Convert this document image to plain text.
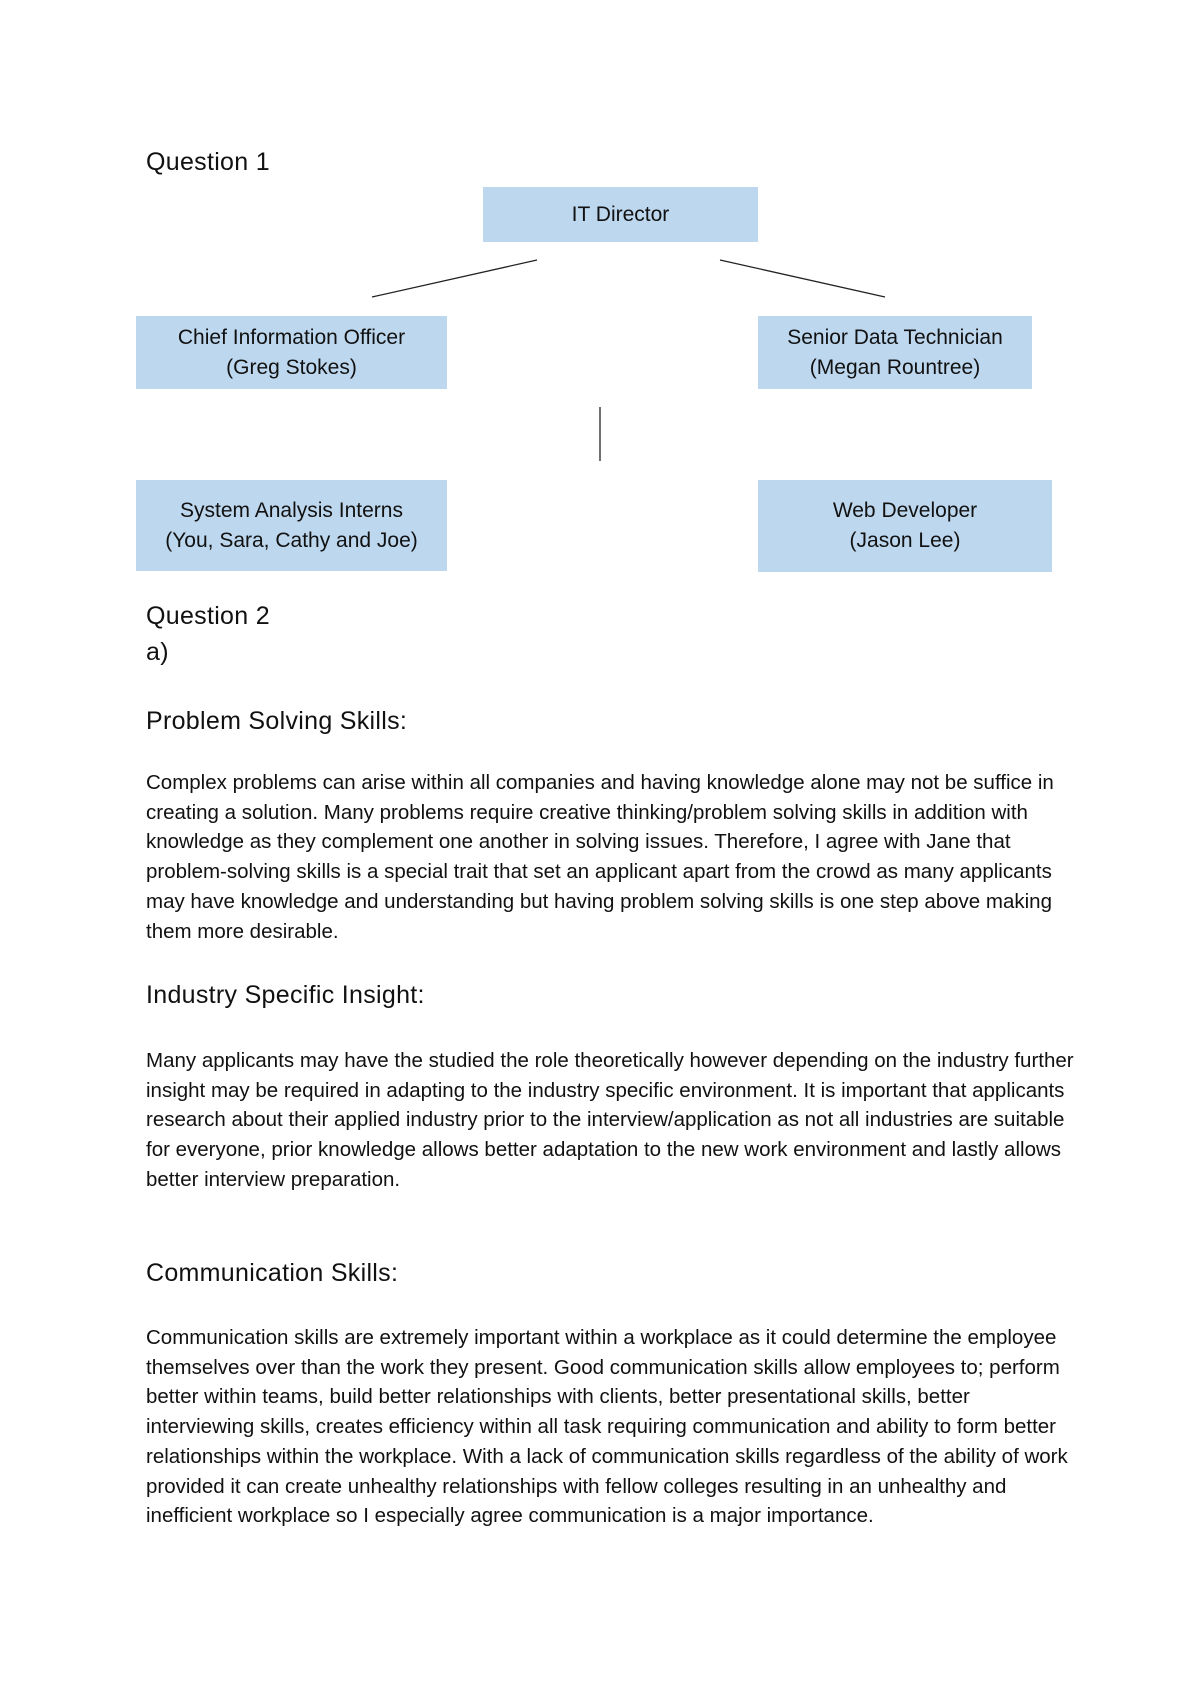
Question 1
IT Director
Chief Information Officer
(Greg Stokes)
Senior Data Technician
(Megan Rountree)
System Analysis Interns
(You, Sara, Cathy and Joe)
Web Developer
(Jason Lee)
Question 2
a)
Problem Solving Skills:

Complex problems can arise within all companies and having knowledge alone may not be suffice in creating a solution. Many problems require creative thinking/problem solving skills in addition with knowledge as they complement one another in solving issues. Therefore, I agree with Jane that problem-solving skills is a special trait that set an applicant apart from the crowd as many applicants may have knowledge and understanding but having problem solving skills is one step above making them more desirable.

Industry Specific Insight:

Many applicants may have the studied the role theoretically however depending on the industry further insight may be required in adapting to the industry specific environment. It is important that applicants research about their applied industry prior to the interview/application as not all industries are suitable for everyone, prior knowledge allows better adaptation to the new work environment and lastly allows better interview preparation.

Communication Skills:

Communication skills are extremely important within a workplace as it could determine the employee themselves over than the work they present. Good communication skills allow employees to; perform better within teams, build better relationships with clients, better presentational skills, better interviewing skills, creates efficiency within all task requiring communication and ability to form better relationships within the workplace. With a lack of communication skills regardless of the ability of work provided it can create unhealthy relationships with fellow colleges resulting in an unhealthy and inefficient workplace so I especially agree communication is a major importance.
